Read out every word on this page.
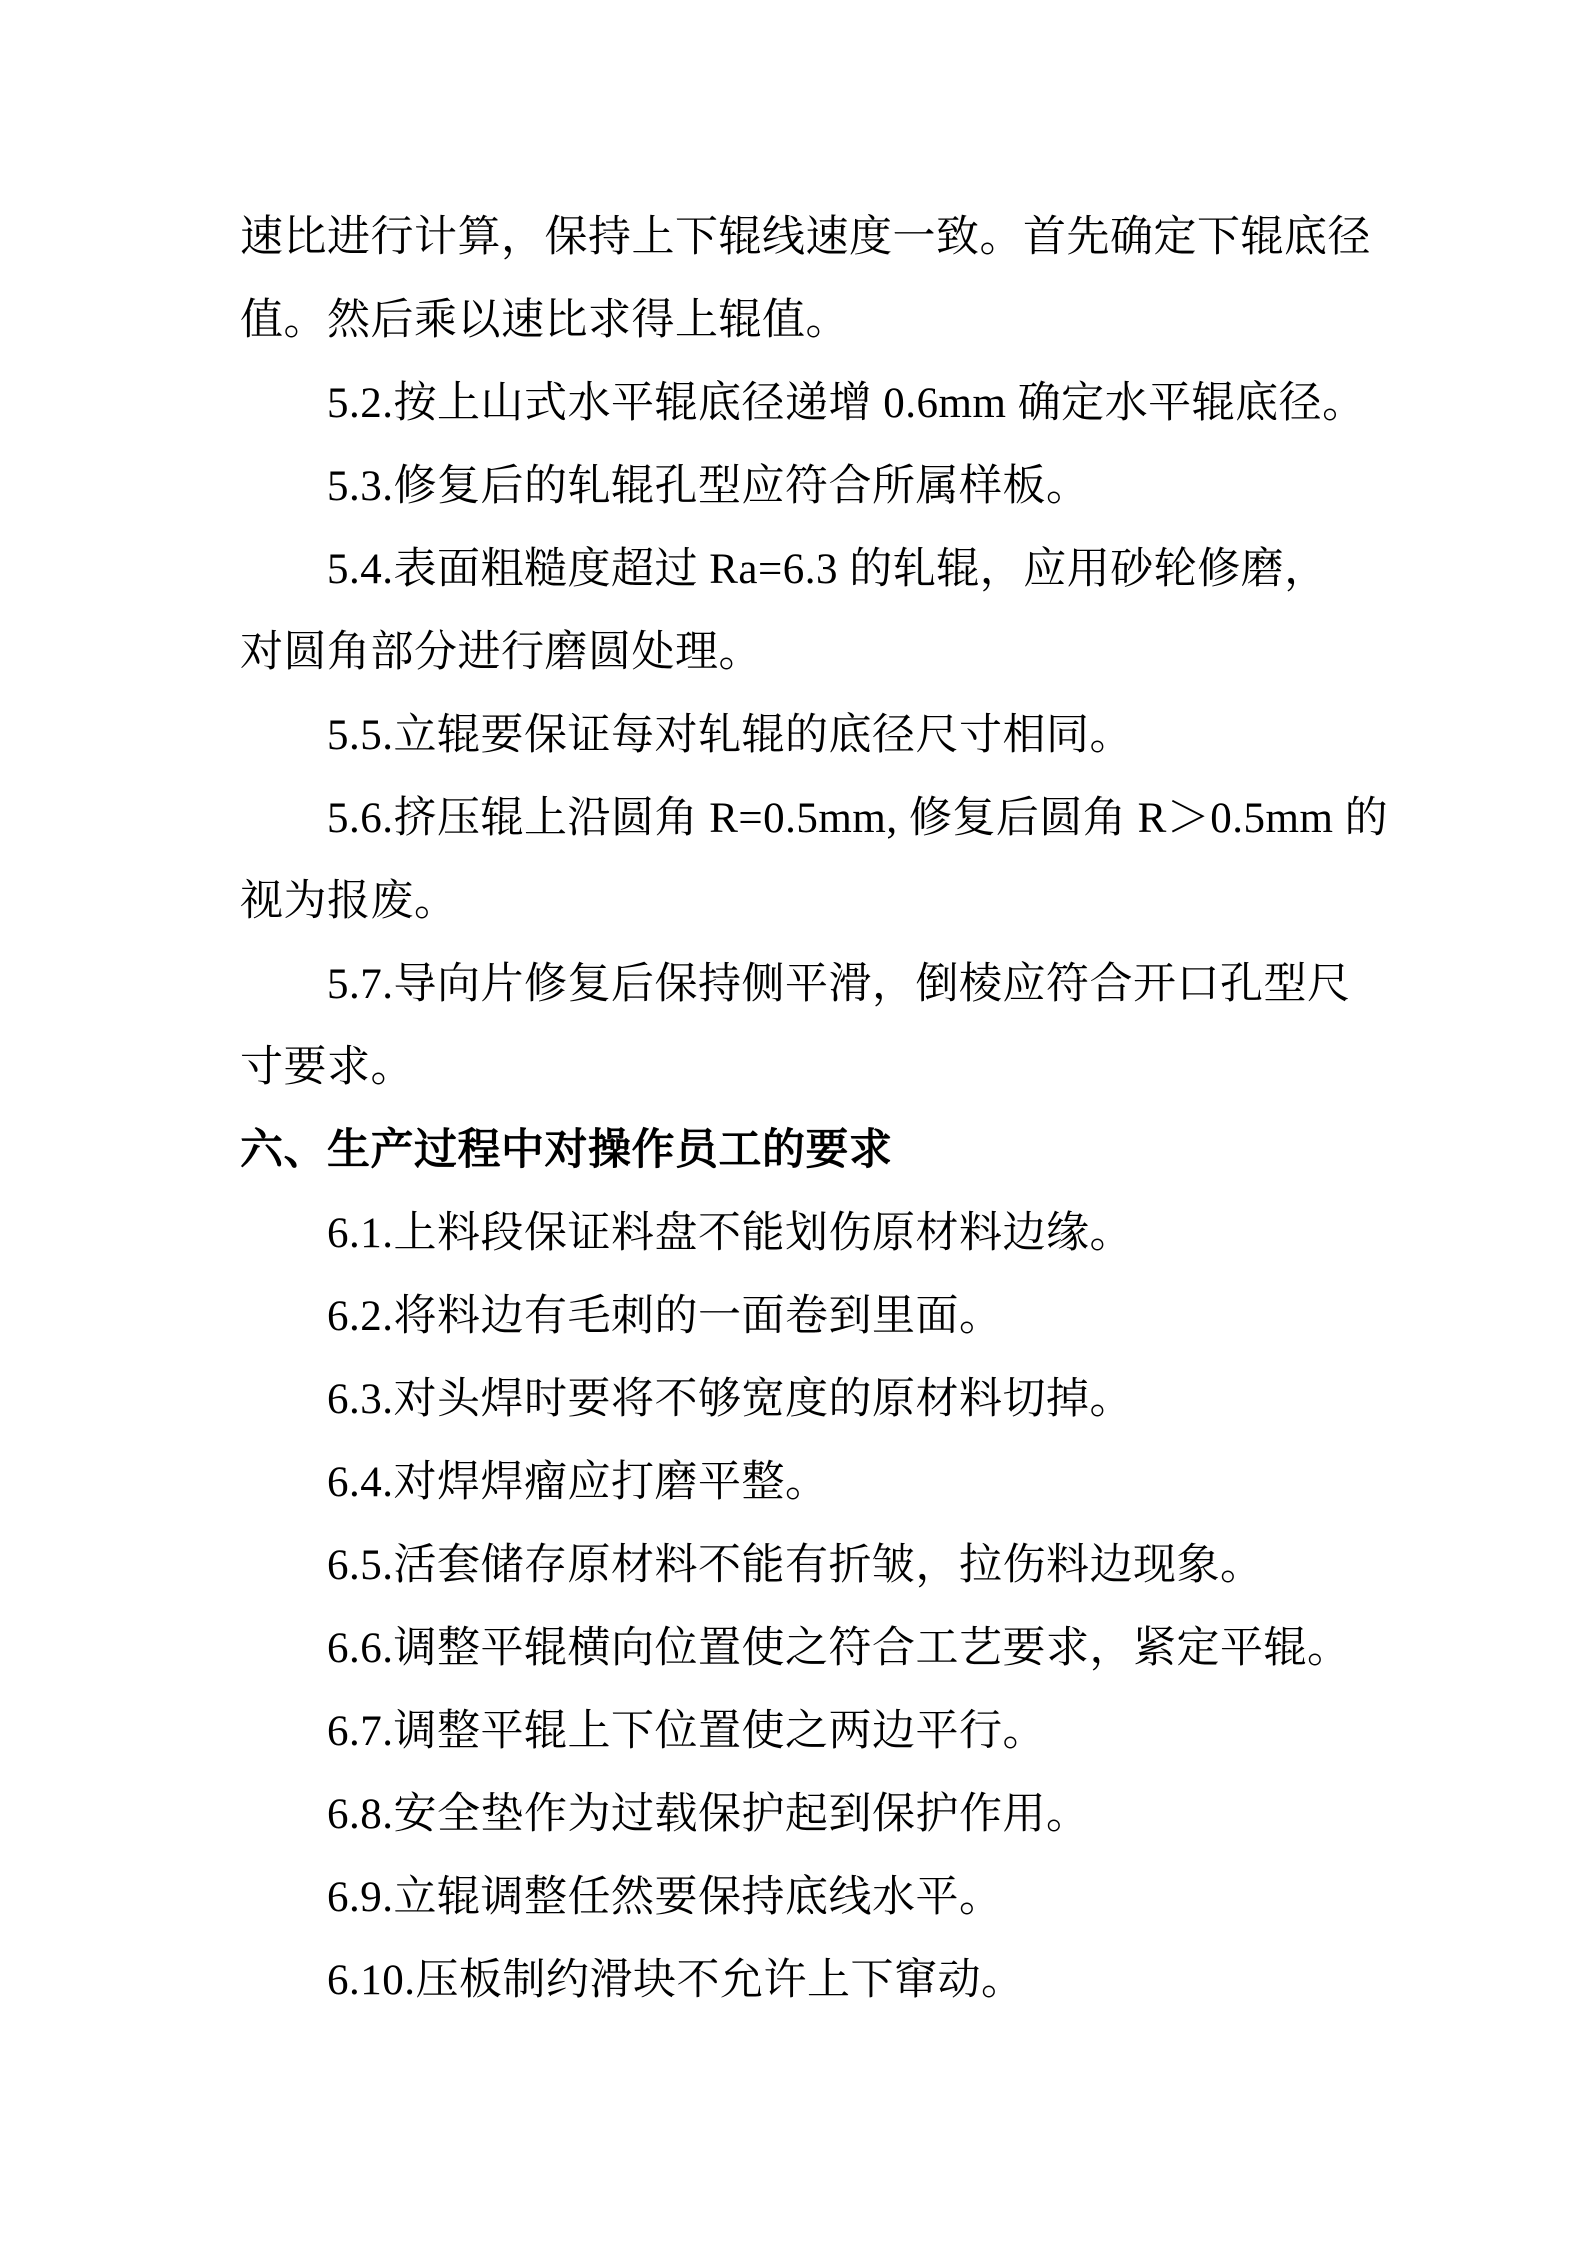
速比进行计算，保持上下辊线速度一致。首先确定下辊底径
值。然后乘以速比求得上辊值。
5.2.按上山式水平辊底径递增 0.6mm 确定水平辊底径。
5.3.修复后的轧辊孔型应符合所属样板。
5.4.表面粗糙度超过 Ra=6.3 的轧辊，应用砂轮修磨，
对圆角部分进行磨圆处理。
5.5.立辊要保证每对轧辊的底径尺寸相同。
5.6.挤压辊上沿圆角 R=0.5mm, 修复后圆角 R＞0.5mm 的
视为报废。
5.7.导向片修复后保持侧平滑，倒棱应符合开口孔型尺
寸要求。
六、生产过程中对操作员工的要求
6.1.上料段保证料盘不能划伤原材料边缘。
6.2.将料边有毛刺的一面卷到里面。
6.3.对头焊时要将不够宽度的原材料切掉。
6.4.对焊焊瘤应打磨平整。
6.5.活套储存原材料不能有折皱，拉伤料边现象。
6.6.调整平辊横向位置使之符合工艺要求，紧定平辊。
6.7.调整平辊上下位置使之两边平行。
6.8.安全垫作为过载保护起到保护作用。
6.9.立辊调整任然要保持底线水平。
6.10.压板制约滑块不允许上下窜动。
